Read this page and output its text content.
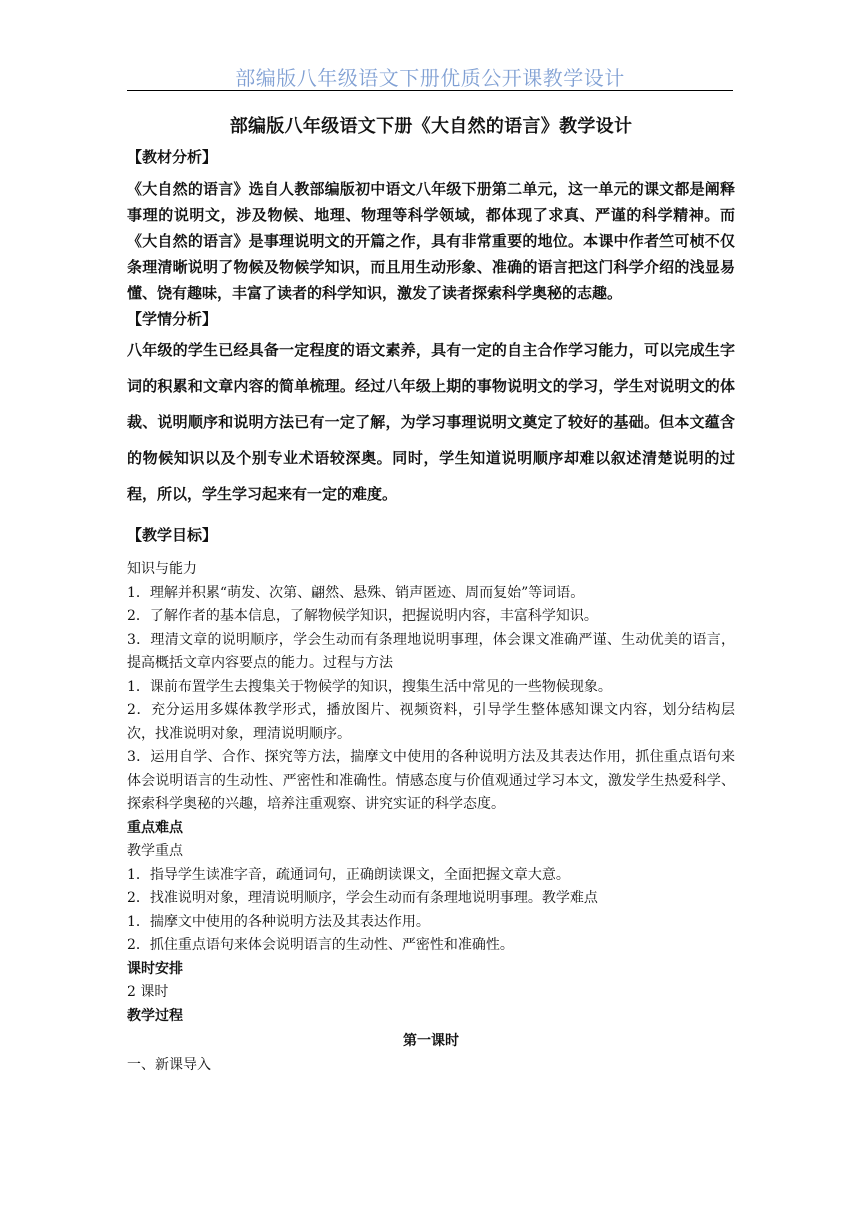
部编版八年级语文下册优质公开课教学设计

部编版八年级语文下册《大自然的语言》教学设计

【教材分析】

《大自然的语言》选自人教部编版初中语文八年级下册第二单元，这一单元的课文都是阐释事理的说明文，涉及物候、地理、物理等科学领域，都体现了求真、严谨的科学精神。而《大自然的语言》是事理说明文的开篇之作，具有非常重要的地位。本课中作者竺可桢不仅条理清晰说明了物候及物候学知识，而且用生动形象、准确的语言把这门科学介绍的浅显易懂、饶有趣味，丰富了读者的科学知识，激发了读者探索科学奥秘的志趣。

【学情分析】

八年级的学生已经具备一定程度的语文素养，具有一定的自主合作学习能力，可以完成生字词的积累和文章内容的简单梳理。经过八年级上期的事物说明文的学习，学生对说明文的体裁、说明顺序和说明方法已有一定了解，为学习事理说明文奠定了较好的基础。但本文蕴含的物候知识以及个别专业术语较深奥。同时，学生知道说明顺序却难以叙述清楚说明的过程，所以，学生学习起来有一定的难度。

【教学目标】

知识与能力

1．理解并积累“萌发、次第、翩然、悬殊、销声匿迹、周而复始”等词语。

2．了解作者的基本信息，了解物候学知识，把握说明内容，丰富科学知识。

3．理清文章的说明顺序，学会生动而有条理地说明事理，体会课文准确严谨、生动优美的语言，提高概括文章内容要点的能力。过程与方法

1．课前布置学生去搜集关于物候学的知识，搜集生活中常见的一些物候现象。

2．充分运用多媒体教学形式，播放图片、视频资料，引导学生整体感知课文内容，划分结构层次，找准说明对象，理清说明顺序。

3．运用自学、合作、探究等方法，揣摩文中使用的各种说明方法及其表达作用，抓住重点语句来体会说明语言的生动性、严密性和准确性。情感态度与价值观通过学习本文，激发学生热爱科学、探索科学奥秘的兴趣，培养注重观察、讲究实证的科学态度。

重点难点

教学重点

1．指导学生读准字音，疏通词句，正确朗读课文，全面把握文章大意。

2．找准说明对象，理清说明顺序，学会生动而有条理地说明事理。教学难点

1．揣摩文中使用的各种说明方法及其表达作用。

2．抓住重点语句来体会说明语言的生动性、严密性和准确性。

课时安排

2 课时

教学过程

第一课时

一、新课导入
